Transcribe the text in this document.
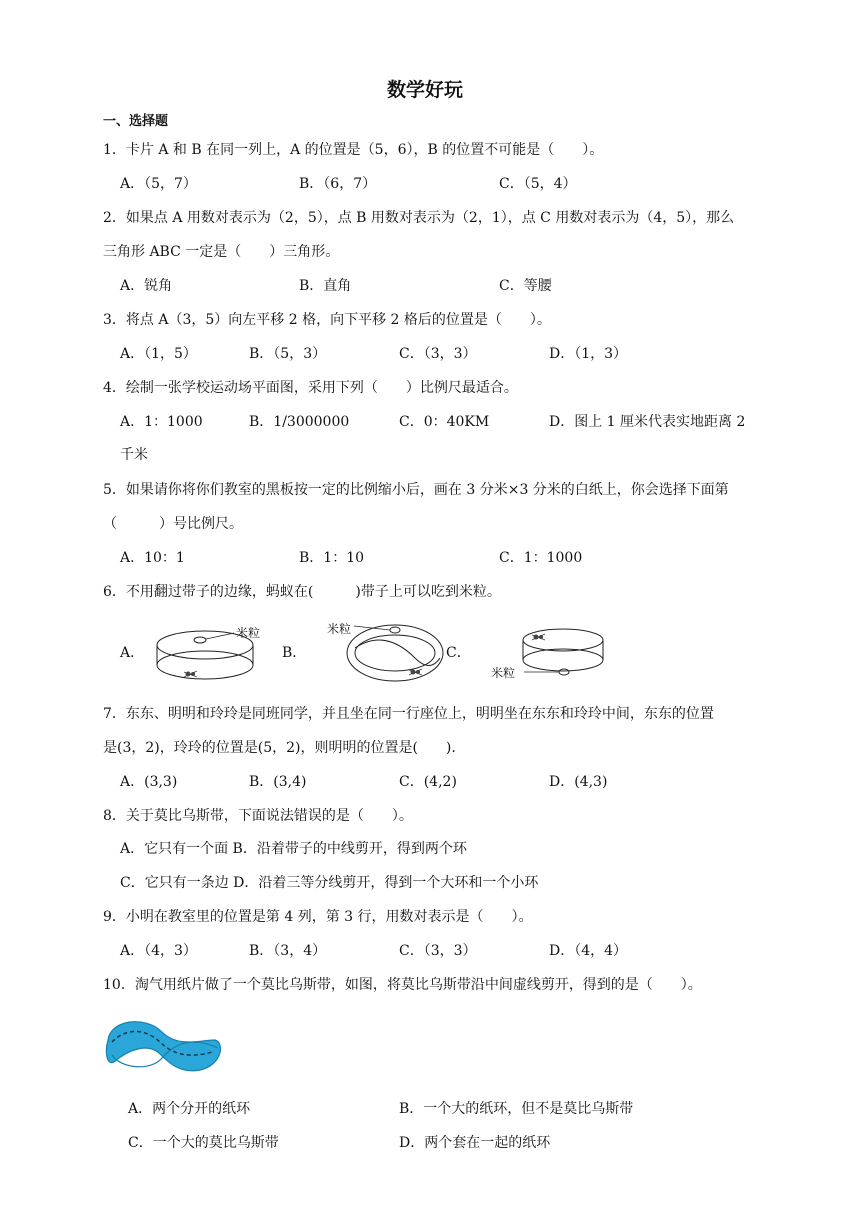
数学好玩
一、选择题
1．卡片 A 和 B 在同一列上，A 的位置是（5，6），B 的位置不可能是（　　）。
A．（5，7）	B．（6，7）	C．（5，4）
2．如果点 A 用数对表示为（2，5），点 B 用数对表示为（2，1），点 C 用数对表示为（4，5），那么
三角形 ABC 一定是（　　）三角形。
A．锐角	B．直角	C．等腰
3．将点 A（3，5）向左平移 2 格，向下平移 2 格后的位置是（　　）。
A．（1，5）	B．（5，3）	C．（3，3）	D．（1，3）
4．绘制一张学校运动场平面图，采用下列（　　）比例尺最适合。
A．1：1000	B．1/3000000	C．0：40KM	D．图上 1 厘米代表实地距离 2
千米
5．如果请你将你们教室的黑板按一定的比例缩小后，画在 3 分米×3 分米的白纸上，你会选择下面第
（　　　）号比例尺。
A．10：1	B．1：10	C．1：1000
6．不用翻过带子的边缘，蚂蚁在(　　　)带子上可以吃到米粒。
A．	B．	C．
米粒	米粒
米粒
7．东东、明明和玲玲是同班同学，并且坐在同一行座位上，明明坐在东东和玲玲中间，东东的位置
是(3，2)，玲玲的位置是(5，2)，则明明的位置是(　　).
A．(3,3)	B．(3,4)	C．(4,2)	D．(4,3)
8．关于莫比乌斯带，下面说法错误的是（　　）。
A．它只有一个面 B．沿着带子的中线剪开，得到两个环
C．它只有一条边 D．沿着三等分线剪开，得到一个大环和一个小环
9．小明在教室里的位置是第 4 列，第 3 行，用数对表示是（　　）。
A．（4，3）	B．（3，4）	C．（3，3）	D．（4，4）
10．淘气用纸片做了一个莫比乌斯带，如图，将莫比乌斯带沿中间虚线剪开，得到的是（　　）。
A．两个分开的纸环	B．一个大的纸环，但不是莫比乌斯带
C．一个大的莫比乌斯带	D．两个套在一起的纸环
